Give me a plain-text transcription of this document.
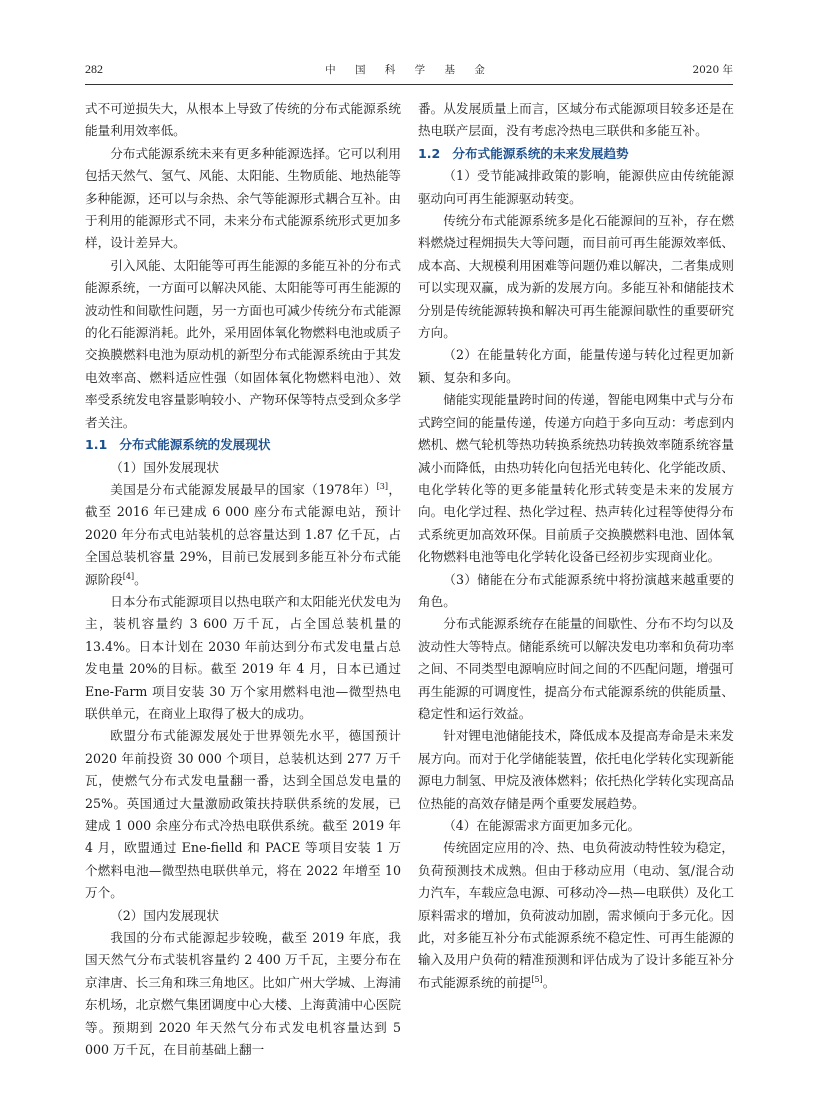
282	中 国 科 学 基 金	2020 年

式不可逆损失大，从根本上导致了传统的分布式能源系统能量利用效率低。

分布式能源系统未来有更多种能源选择。它可以利用包括天然气、氢气、风能、太阳能、生物质能、地热能等多种能源，还可以与余热、余气等能源形式耦合互补。由于利用的能源形式不同，未来分布式能源系统形式更加多样，设计差异大。

引入风能、太阳能等可再生能源的多能互补的分布式能源系统，一方面可以解决风能、太阳能等可再生能源的波动性和间歇性问题，另一方面也可减少传统分布式能源的化石能源消耗。此外，采用固体氧化物燃料电池或质子交换膜燃料电池为原动机的新型分布式能源系统由于其发电效率高、燃料适应性强（如固体氧化物燃料电池）、效率受系统发电容量影响较小、产物环保等特点受到众多学者关注。

1.1 分布式能源系统的发展现状

（1）国外发展现状

美国是分布式能源发展最早的国家（1978年）[3]，截至 2016 年已建成 6 000 座分布式能源电站，预计 2020 年分布式电站装机的总容量达到 1.87 亿千瓦，占全国总装机容量 29%，目前已发展到多能互补分布式能源阶段[4]。

日本分布式能源项目以热电联产和太阳能光伏发电为主，装机容量约 3 600 万千瓦，占全国总装机量的 13.4%。日本计划在 2030 年前达到分布式发电量占总发电量 20%的目标。截至 2019 年 4 月，日本已通过 Ene-Farm 项目安装 30 万个家用燃料电池—微型热电联供单元，在商业上取得了极大的成功。

欧盟分布式能源发展处于世界领先水平，德国预计 2020 年前投资 30 000 个项目，总装机达到 277 万千瓦，使燃气分布式发电量翻一番，达到全国总发电量的 25%。英国通过大量激励政策扶持联供系统的发展，已建成 1 000 余座分布式冷热电联供系统。截至 2019 年 4 月，欧盟通过 Ene-fielld 和 PACE 等项目安装 1 万个燃料电池—微型热电联供单元，将在 2022 年增至 10 万个。

（2）国内发展现状

我国的分布式能源起步较晚，截至 2019 年底，我国天然气分布式装机容量约 2 400 万千瓦，主要分布在京津唐、长三角和珠三角地区。比如广州大学城、上海浦东机场，北京燃气集团调度中心大楼、上海黄浦中心医院等。预期到 2020 年天然气分布式发电机容量达到 5 000 万千瓦，在目前基础上翻一

番。从发展质量上而言，区域分布式能源项目较多还是在热电联产层面，没有考虑冷热电三联供和多能互补。

1.2 分布式能源系统的未来发展趋势

（1）受节能减排政策的影响，能源供应由传统能源驱动向可再生能源驱动转变。

传统分布式能源系统多是化石能源间的互补，存在燃料燃烧过程㶲损失大等问题，而目前可再生能源效率低、成本高、大规模利用困难等问题仍难以解决，二者集成则可以实现双赢，成为新的发展方向。多能互补和储能技术分别是传统能源转换和解决可再生能源间歇性的重要研究方向。

（2）在能量转化方面，能量传递与转化过程更加新颖、复杂和多向。

储能实现能量跨时间的传递，智能电网集中式与分布式跨空间的能量传递，传递方向趋于多向互动：考虑到内燃机、燃气轮机等热功转换系统热功转换效率随系统容量减小而降低，由热功转化向包括光电转化、化学能改质、电化学转化等的更多能量转化形式转变是未来的发展方向。电化学过程、热化学过程、热声转化过程等使得分布式系统更加高效环保。目前质子交换膜燃料电池、固体氧化物燃料电池等电化学转化设备已经初步实现商业化。

（3）储能在分布式能源系统中将扮演越来越重要的角色。

分布式能源系统存在能量的间歇性、分布不均匀以及波动性大等特点。储能系统可以解决发电功率和负荷功率之间、不同类型电源响应时间之间的不匹配问题，增强可再生能源的可调度性，提高分布式能源系统的供能质量、稳定性和运行效益。

针对锂电池储能技术，降低成本及提高寿命是未来发展方向。而对于化学储能装置，依托电化学转化实现新能源电力制氢、甲烷及液体燃料；依托热化学转化实现高品位热能的高效存储是两个重要发展趋势。

（4）在能源需求方面更加多元化。

传统固定应用的冷、热、电负荷波动特性较为稳定，负荷预测技术成熟。但由于移动应用（电动、氢/混合动力汽车，车载应急电源、可移动冷—热—电联供）及化工原料需求的增加，负荷波动加剧，需求倾向于多元化。因此，对多能互补分布式能源系统不稳定性、可再生能源的输入及用户负荷的精准预测和评估成为了设计多能互补分布式能源系统的前提[5]。
